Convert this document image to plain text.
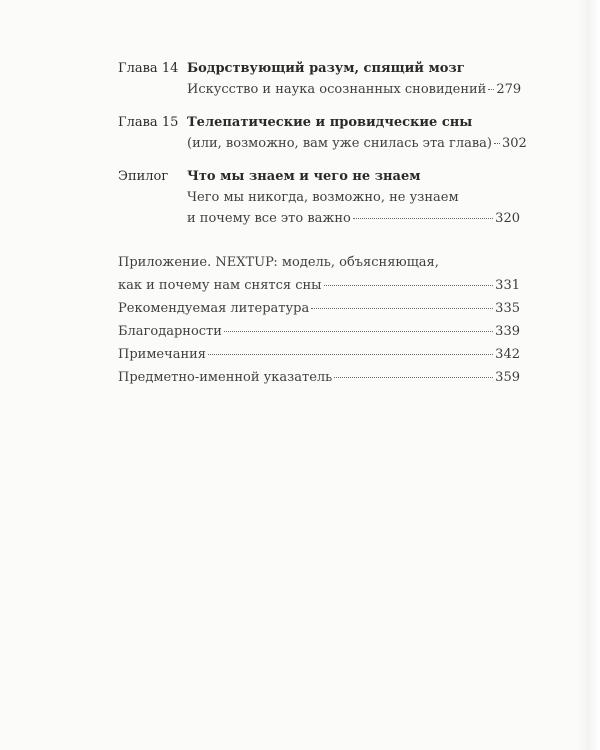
Глава 14 Бодрствующий разум, спящий мозг
Искусство и наука осознанных сновидений 279
Глава 15 Телепатические и провидческие сны
(или, возможно, вам уже снилась эта глава) 302
Эпилог Что мы знаем и чего не знаем
Чего мы никогда, возможно, не узнаем
и почему все это важно	320
Приложение. NEXTUP: модель, объясняющая,
как и почему нам снятся сны	331
Рекомендуемая литература	335
Благодарности	339
Примечания	342
Предметно-именной указатель	359
